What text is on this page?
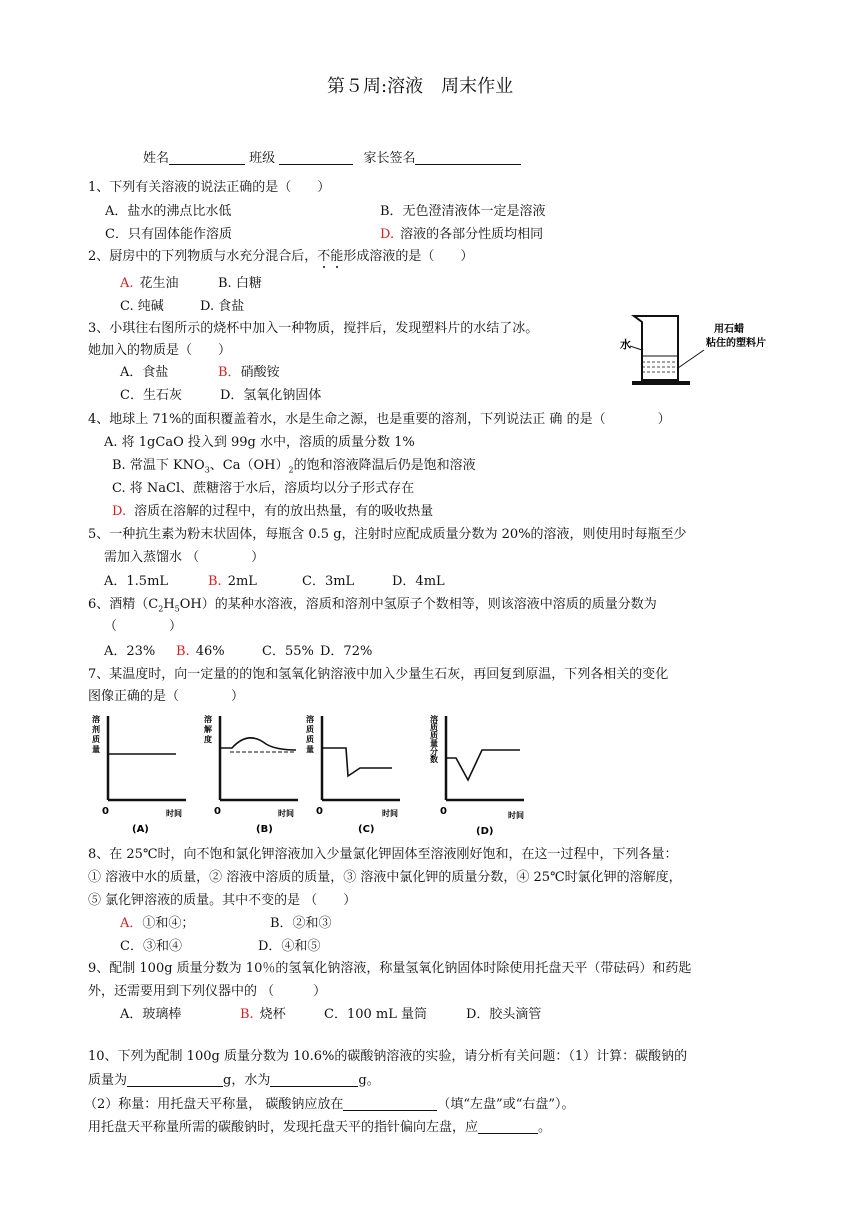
第５周:溶液　周末作业
姓名	班级	家长签名
1、下列有关溶液的说法正确的是（　　）
A．盐水的沸点比水低	B．无色澄清液体一定是溶液
C．只有固体能作溶质	D. 溶液的各部分性质均相同
2、厨房中的下列物质与水充分混合后，不能形成溶液的是（　　）
A. 花生油	B. 白糖
C. 纯碱	D. 食盐
3、小琪往右图所示的烧杯中加入一种物质，搅拌后，发现塑料片的水结了冰。
她加入的物质是（　　）
A．食盐	B．硝酸铵
C．生石灰	D．氢氧化钠固体
水
用石蜡
粘住的塑料片
4、地球上 71%的面积覆盖着水，水是生命之源，也是重要的溶剂，下列说法正 确 的是（　　　　）
A. 将 1gCaO 投入到 99g 水中，溶质的质量分数 1%
B. 常温下 $KNO_3$、$Ca(OH)_2$的饱和溶液降温后仍是饱和溶液
C. 将 NaCl、蔗糖溶于水后，溶质均以分子形式存在
D. 溶质在溶解的过程中，有的放出热量，有的吸收热量
5、一种抗生素为粉末状固体，每瓶含 0.5 g，注射时应配成质量分数为 20%的溶液，则使用时每瓶至少
需加入蒸馏水 （　　　　）
A．1.5mL	B. 2mL	C．3mL	D．4mL
6、酒精$(C_2H_5OH)$的某种水溶液，溶质和溶剂中氢原子个数相等，则该溶液中溶质的质量分数为
（　　　　）
A．23% B. 46%	C．55% D．72%
7、某温度时，向一定量的的饱和氢氧化钠溶液中加入少量生石灰，再回复到原温，下列各相关的变化
图像正确的是（　　　　）
溶
剂
质
量
0	时间
(A)
溶
解
度
0	时间
(B)
溶
质
质
量
0	时间
(C)
溶
质
质
量
分
数
0	时间
(D)
8、在 25℃时，向不饱和氯化钾溶液加入少量氯化钾固体至溶液刚好饱和，在这一过程中，下列各量：
① 溶液中水的质量，② 溶液中溶质的质量，③ 溶液中氯化钾的质量分数，④ 25℃时氯化钾的溶解度，
⑤ 氯化钾溶液的质量。其中不变的是 （　　）
A．①和④；	B．②和③
C．③和④	D．④和⑤
9、配制 100g 质量分数为 10％的氢氧化钠溶液，称量氢氧化钠固体时除使用托盘天平（带砝码）和药匙
外，还需要用到下列仪器中的 （　　　）
A．玻璃棒	B. 烧杯	C．100 mL 量筒	D．胶头滴管
10、下列为配制 100g 质量分数为 10.6%的碳酸钠溶液的实验，请分析有关问题：（1）计算：碳酸钠的
质量为	g，水为	g。
（2）称量：用托盘天平称量， 碳酸钠应放在	（填“左盘”或“右盘”）。
用托盘天平称量所需的碳酸钠时，发现托盘天平的指针偏向左盘，应	。
